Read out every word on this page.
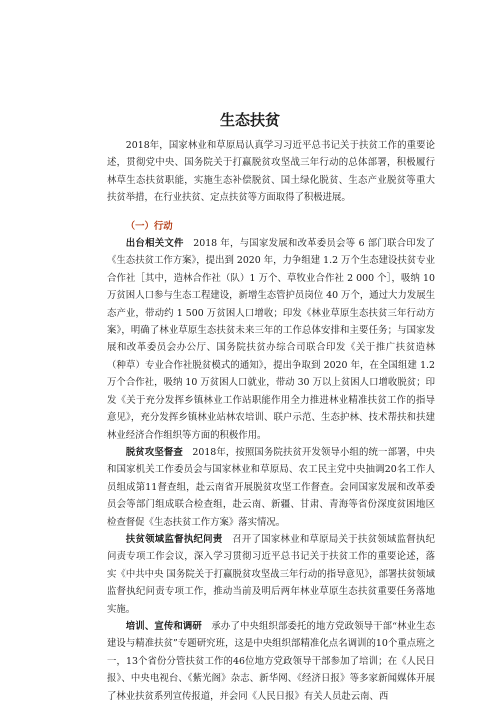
生态扶贫

2018年，国家林业和草原局认真学习习近平总书记关于扶贫工作的重要论述，贯彻党中央、国务院关于打赢脱贫攻坚战三年行动的总体部署，积极履行林草生态扶贫职能，实施生态补偿脱贫、国土绿化脱贫、生态产业脱贫等重大扶贫举措，在行业扶贫、定点扶贫等方面取得了积极进展。

（一）行动

出台相关文件　2018 年，与国家发展和改革委员会等 6 部门联合印发了《生态扶贫工作方案》，提出到 2020 年，力争组建 1.2 万个生态建设扶贫专业合作社［其中，造林合作社（队）1 万个、草牧业合作社 2 000 个］，吸纳 10 万贫困人口参与生态工程建设，新增生态管护员岗位 40 万个，通过大力发展生态产业，带动约 1 500 万贫困人口增收；印发《林业草原生态扶贫三年行动方案》，明确了林业草原生态扶贫未来三年的工作总体安排和主要任务；与国家发展和改革委员会办公厅、国务院扶贫办综合司联合印发《关于推广扶贫造林（种草）专业合作社脱贫模式的通知》，提出争取到 2020 年，在全国组建 1.2 万个合作社，吸纳 10 万贫困人口就业，带动 30 万以上贫困人口增收脱贫；印发《关于充分发挥乡镇林业工作站职能作用全力推进林业精准扶贫工作的指导意见》，充分发挥乡镇林业站林农培训、联户示范、生态护林、技术帮扶和扶建林业经济合作组织等方面的积极作用。

脱贫攻坚督查　2018年，按照国务院扶贫开发领导小组的统一部署，中央和国家机关工作委员会与国家林业和草原局、农工民主党中央抽调20名工作人员组成第11督查组，赴云南省开展脱贫攻坚工作督查。会同国家发展和改革委员会等部门组成联合检查组，赴云南、新疆、甘肃、青海等省份深度贫困地区检查督促《生态扶贫工作方案》落实情况。

扶贫领域监督执纪问责　召开了国家林业和草原局关于扶贫领域监督执纪问责专项工作会议，深入学习贯彻习近平总书记关于扶贫工作的重要论述，落实《中共中央 国务院关于打赢脱贫攻坚战三年行动的指导意见》，部署扶贫领域监督执纪问责专项工作，推动当前及明后两年林业草原生态扶贫重要任务落地实施。

培训、宣传和调研　承办了中央组织部委托的地方党政领导干部“林业生态建设与精准扶贫”专题研究班，这是中央组织部精准化点名调训的10个重点班之一，13个省份分管扶贫工作的46位地方党政领导干部参加了培训；在《人民日报》、中央电视台、《紫光阁》杂志、新华网、《经济日报》等多家新闻媒体开展了林业扶贫系列宣传报道，并会同《人民日报》有关人员赴云南、西
